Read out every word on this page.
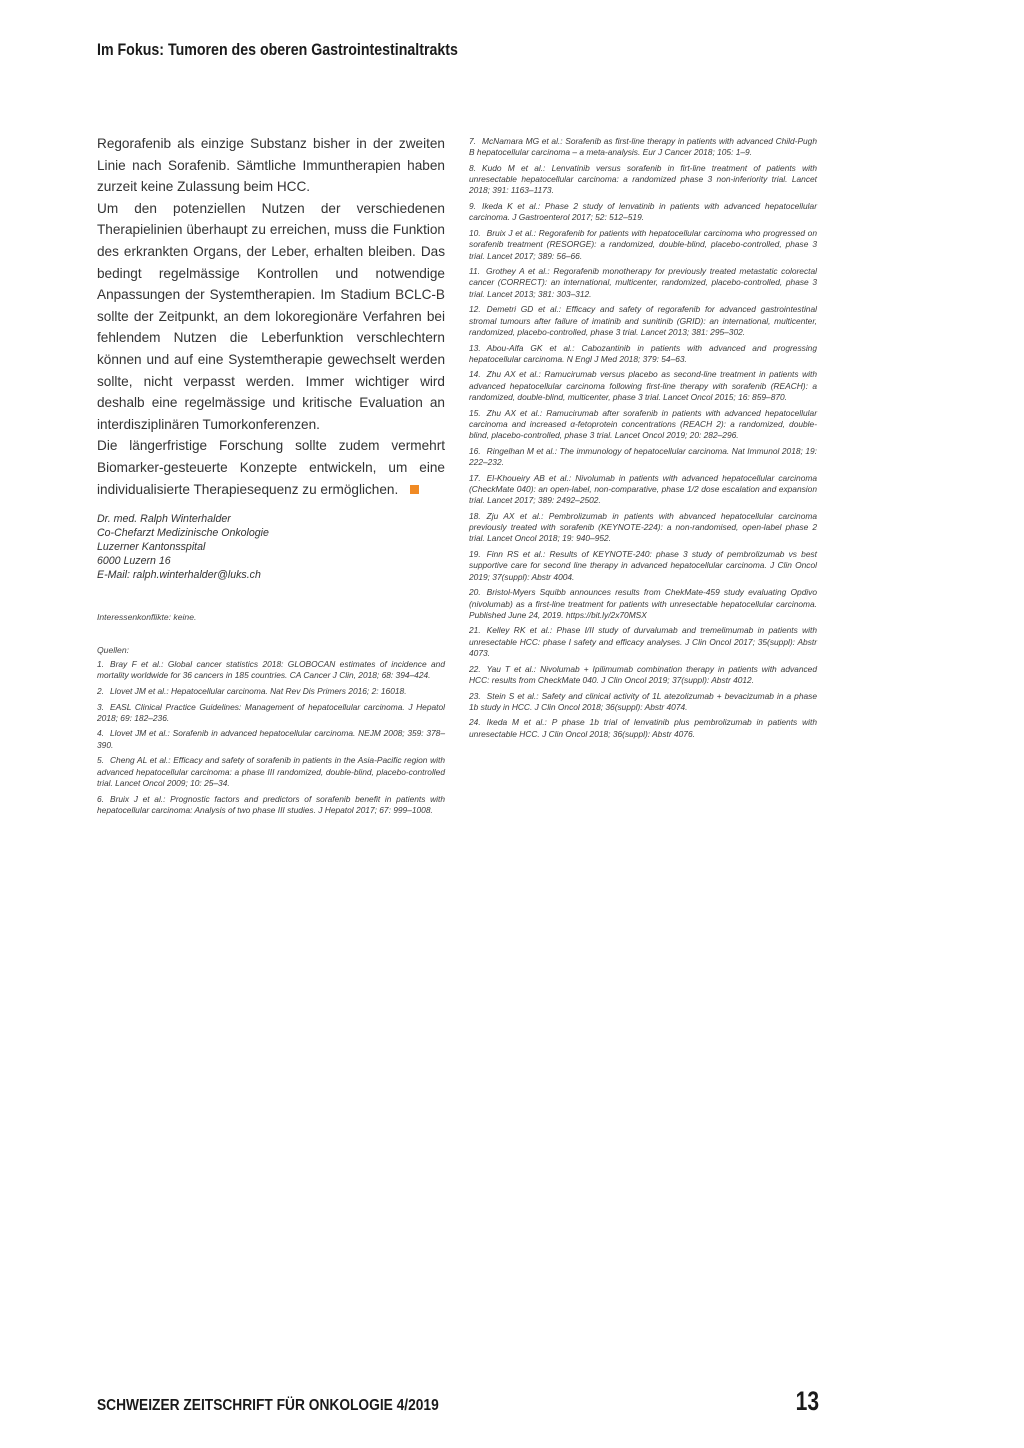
Im Fokus: Tumoren des oberen Gastrointestinaltrakts

Regorafenib als einzige Substanz bisher in der zweiten Linie nach Sorafenib. Sämtliche Immuntherapien haben zurzeit keine Zulassung beim HCC.

Um den potenziellen Nutzen der verschiedenen Therapielinien überhaupt zu erreichen, muss die Funktion des erkrankten Organs, der Leber, erhalten bleiben. Das bedingt regelmässige Kontrollen und notwendige Anpassungen der Systemtherapien. Im Stadium BCLC-B sollte der Zeitpunkt, an dem lokoregionäre Verfahren bei fehlendem Nutzen die Leberfunktion verschlechtern können und auf eine Systemtherapie gewechselt werden sollte, nicht verpasst werden. Immer wichtiger wird deshalb eine regelmässige und kritische Evaluation an interdisziplinären Tumorkonferenzen.

Die längerfristige Forschung sollte zudem vermehrt Biomarker-gesteuerte Konzepte entwickeln, um eine individualisierte Therapiesequenz zu ermöglichen.

Dr. med. Ralph Winterhalder
Co-Chefarzt Medizinische Onkologie
Luzerner Kantonsspital
6000 Luzern 16
E-Mail: ralph.winterhalder@luks.ch
Interessenkonflikte: keine.
Quellen:

1. Bray F et al.: Global cancer statistics 2018: GLOBOCAN estimates of incidence and mortality worldwide for 36 cancers in 185 countries. CA Cancer J Clin, 2018; 68: 394–424.

2. Llovet JM et al.: Hepatocellular carcinoma. Nat Rev Dis Primers 2016; 2: 16018.

3. EASL Clinical Practice Guidelines: Management of hepatocellular carcinoma. J Hepatol 2018; 69: 182–236.

4. Llovet JM et al.: Sorafenib in advanced hepatocellular carcinoma. NEJM 2008; 359: 378–390.

5. Cheng AL et al.: Efficacy and safety of sorafenib in patients in the Asia-Pacific region with advanced hepatocellular carcinoma: a phase III randomized, double-blind, placebo-controlled trial. Lancet Oncol 2009; 10: 25–34.

6. Bruix J et al.: Prognostic factors and predictors of sorafenib benefit in patients with hepatocellular carcinoma: Analysis of two phase III studies. J Hepatol 2017; 67: 999–1008.

7. McNamara MG et al.: Sorafenib as first-line therapy in patients with advanced Child-Pugh B hepatocellular carcinoma – a meta-analysis. Eur J Cancer 2018; 105: 1–9.

8. Kudo M et al.: Lenvatinib versus sorafenib in firt-line treatment of patients with unresectable hepatocellular carcinoma: a randomized phase 3 non-inferiority trial. Lancet 2018; 391: 1163–1173.

9. Ikeda K et al.: Phase 2 study of lenvatinib in patients with advanced hepatocellular carcinoma. J Gastroenterol 2017; 52: 512–519.

10. Bruix J et al.: Regorafenib for patients with hepatocellular carcinoma who progressed on sorafenib treatment (RESORGE): a randomized, double-blind, placebo-controlled, phase 3 trial. Lancet 2017; 389: 56–66.

11. Grothey A et al.: Regorafenib monotherapy for previously treated metastatic colorectal cancer (CORRECT): an international, multicenter, randomized, placebo-controlled, phase 3 trial. Lancet 2013; 381: 303–312.

12. Demetri GD et al.: Efficacy and safety of regorafenib for advanced gastrointestinal stromal tumours after failure of imatinib and sunitinib (GRID): an international, multicenter, randomized, placebo-controlled, phase 3 trial. Lancet 2013; 381: 295–302.

13. Abou-Alfa GK et al.: Cabozantinib in patients with advanced and progressing hepatocellular carcinoma. N Engl J Med 2018; 379: 54–63.

14. Zhu AX et al.: Ramucirumab versus placebo as second-line treatment in patients with advanced hepatocellular carcinoma following first-line therapy with sorafenib (REACH): a randomized, double-blind, multicenter, phase 3 trial. Lancet Oncol 2015; 16: 859–870.

15. Zhu AX et al.: Ramucirumab after sorafenib in patients with advanced hepatocellular carcinoma and increased α-fetoprotein concentrations (REACH 2): a randomized, double-blind, placebo-controlled, phase 3 trial. Lancet Oncol 2019; 20: 282–296.

16. Ringelhan M et al.: The immunology of hepatocellular carcinoma. Nat Immunol 2018; 19: 222–232.

17. El-Khoueiry AB et al.: Nivolumab in patients with advanced hepatocellular carcinoma (CheckMate 040): an open-label, non-comparative, phase 1/2 dose escalation and expansion trial. Lancet 2017; 389: 2492–2502.

18. Zju AX et al.: Pembrolizumab in patients with abvanced hepatocellular carcinoma previously treated with sorafenib (KEYNOTE-224): a non-randomised, open-label phase 2 trial. Lancet Oncol 2018; 19: 940–952.

19. Finn RS et al.: Results of KEYNOTE-240: phase 3 study of pembrolizumab vs best supportive care for second line therapy in advanced hepatocellular carcinoma. J Clin Oncol 2019; 37(suppl): Abstr 4004.

20. Bristol-Myers Squibb announces results from ChekMate-459 study evaluating Opdivo (nivolumab) as a first-line treatment for patients with unresectable hepatocellular carcinoma. Published June 24, 2019. https://bit.ly/2x70MSX

21. Kelley RK et al.: Phase I/II study of durvalumab and tremelimumab in patients with unresectable HCC: phase I safety and efficacy analyses. J Clin Oncol 2017; 35(suppl): Abstr 4073.

22. Yau T et al.: Nivolumab + Ipilimumab combination therapy in patients with advanced HCC: results from CheckMate 040. J Clin Oncol 2019; 37(suppl): Abstr 4012.

23. Stein S et al.: Safety and clinical activity of 1L atezolizumab + bevacizumab in a phase 1b study in HCC. J Clin Oncol 2018; 36(suppl): Abstr 4074.

24. Ikeda M et al.: P phase 1b trial of lenvatinib plus pembrolizumab in patients with unresectable HCC. J Clin Oncol 2018; 36(suppl): Abstr 4076.

SCHWEIZER ZEITSCHRIFT FÜR ONKOLOGIE 4/2019	13
